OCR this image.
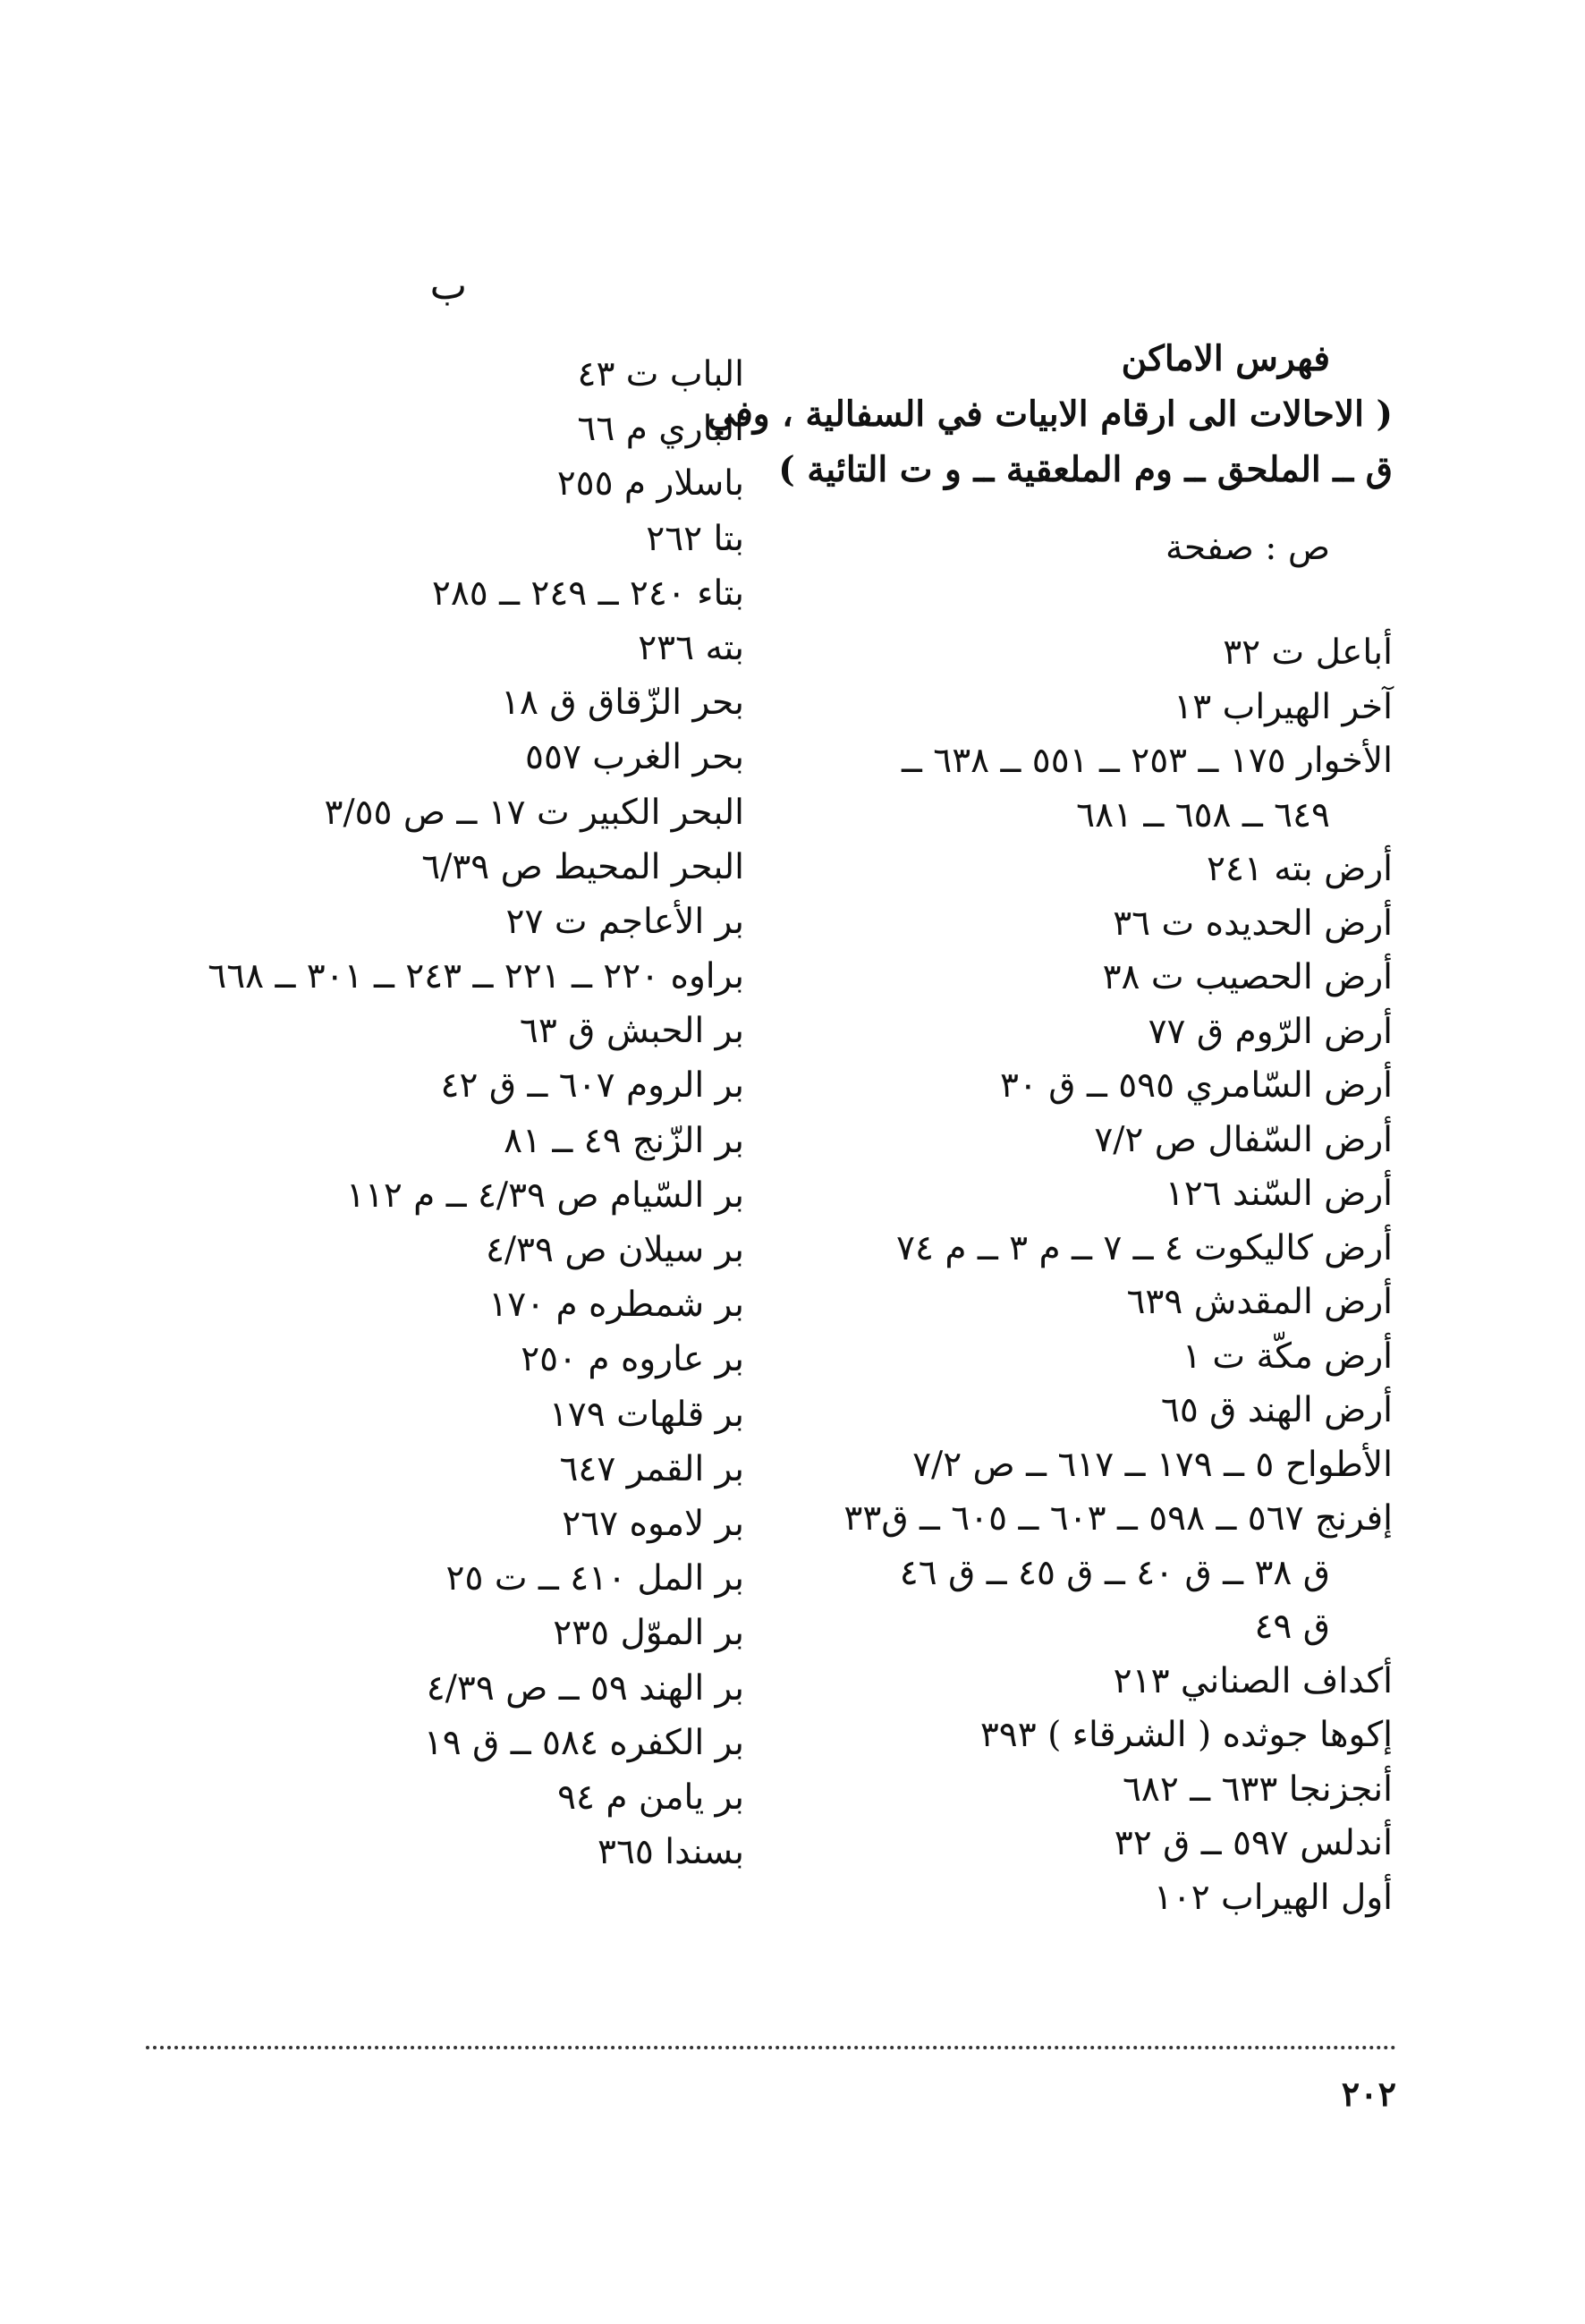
ب
فهرس الاماكن
( الاحالات الى ارقام الابيات في السفالية ، وفي
ق ــ الملحق ــ وم الملعقية ــ و ت التائية )
ص : صفحة
أباعل ت ٣٢
آخر الهيراب ١٣
الأخوار ١٧٥ ــ ٢٥٣ ــ ٥٥١ ــ ٦٣٨ ــ
٦٤٩ ــ ٦٥٨ ــ ٦٨١
أرض بته ٢٤١
أرض الحديده ت ٣٦
أرض الحصيب ت ٣٨
أرض الرّوم ق ٧٧
أرض السّامري ٥٩٥ ــ ق ٣٠
أرض السّفال ص ٧/٢
أرض السّند ١٢٦
أرض كاليكوت ٤ ــ ٧ ــ م ٣ ــ م ٧٤
أرض المقدش ٦٣٩
أرض مكّة ت ١
أرض الهند ق ٦٥
الأطواح ٥ ــ ١٧٩ ــ ٦١٧ ــ ص ٧/٢
إفرنج ٥٦٧ ــ ٥٩٨ ــ ٦٠٣ ــ ٦٠٥ ــ ق٣٣
ق ٣٨ ــ ق ٤٠ ــ ق ٤٥ ــ ق ٤٦
ق ٤٩
أكداف الصناني ٢١٣
إكوها جوثده ( الشرقاء ) ٣٩٣
أنجزنجا ٦٣٣ ــ ٦٨٢
أندلس ٥٩٧ ــ ق ٣٢
أول الهيراب ١٠٢
الباب ت ٤٣
الباري م ٦٦
باسلار م ٢٥٥
بتا ٢٦٢
بتاء ٢٤٠ ــ ٢٤٩ ــ ٢٨٥
بته ٢٣٦
بحر الزّقاق ق ١٨
بحر الغرب ٥٥٧
البحر الكبير ت ١٧ ــ ص ٣/٥٥
البحر المحيط ص ٦/٣٩
بر الأعاجم ت ٢٧
براوه ٢٢٠ ــ ٢٢١ ــ ٢٤٣ ــ ٣٠١ ــ ٦٦٨
بر الحبش ق ٦٣
بر الروم ٦٠٧ ــ ق ٤٢
بر الزّنج ٤٩ ــ ٨١
بر السّيام ص ٤/٣٩ ــ م ١١٢
بر سيلان ص ٤/٣٩
بر شمطره م ١٧٠
بر عاروه م ٢٥٠
بر قلهات ١٧٩
بر القمر ٦٤٧
بر لاموه ٢٦٧
بر المل ٤١٠ ــ ت ٢٥
بر الموّل ٢٣٥
بر الهند ٥٩ ــ ص ٤/٣٩
بر الكفره ٥٨٤ ــ ق ١٩
بر يامن م ٩٤
بسندا ٣٦٥
٢٠٢
